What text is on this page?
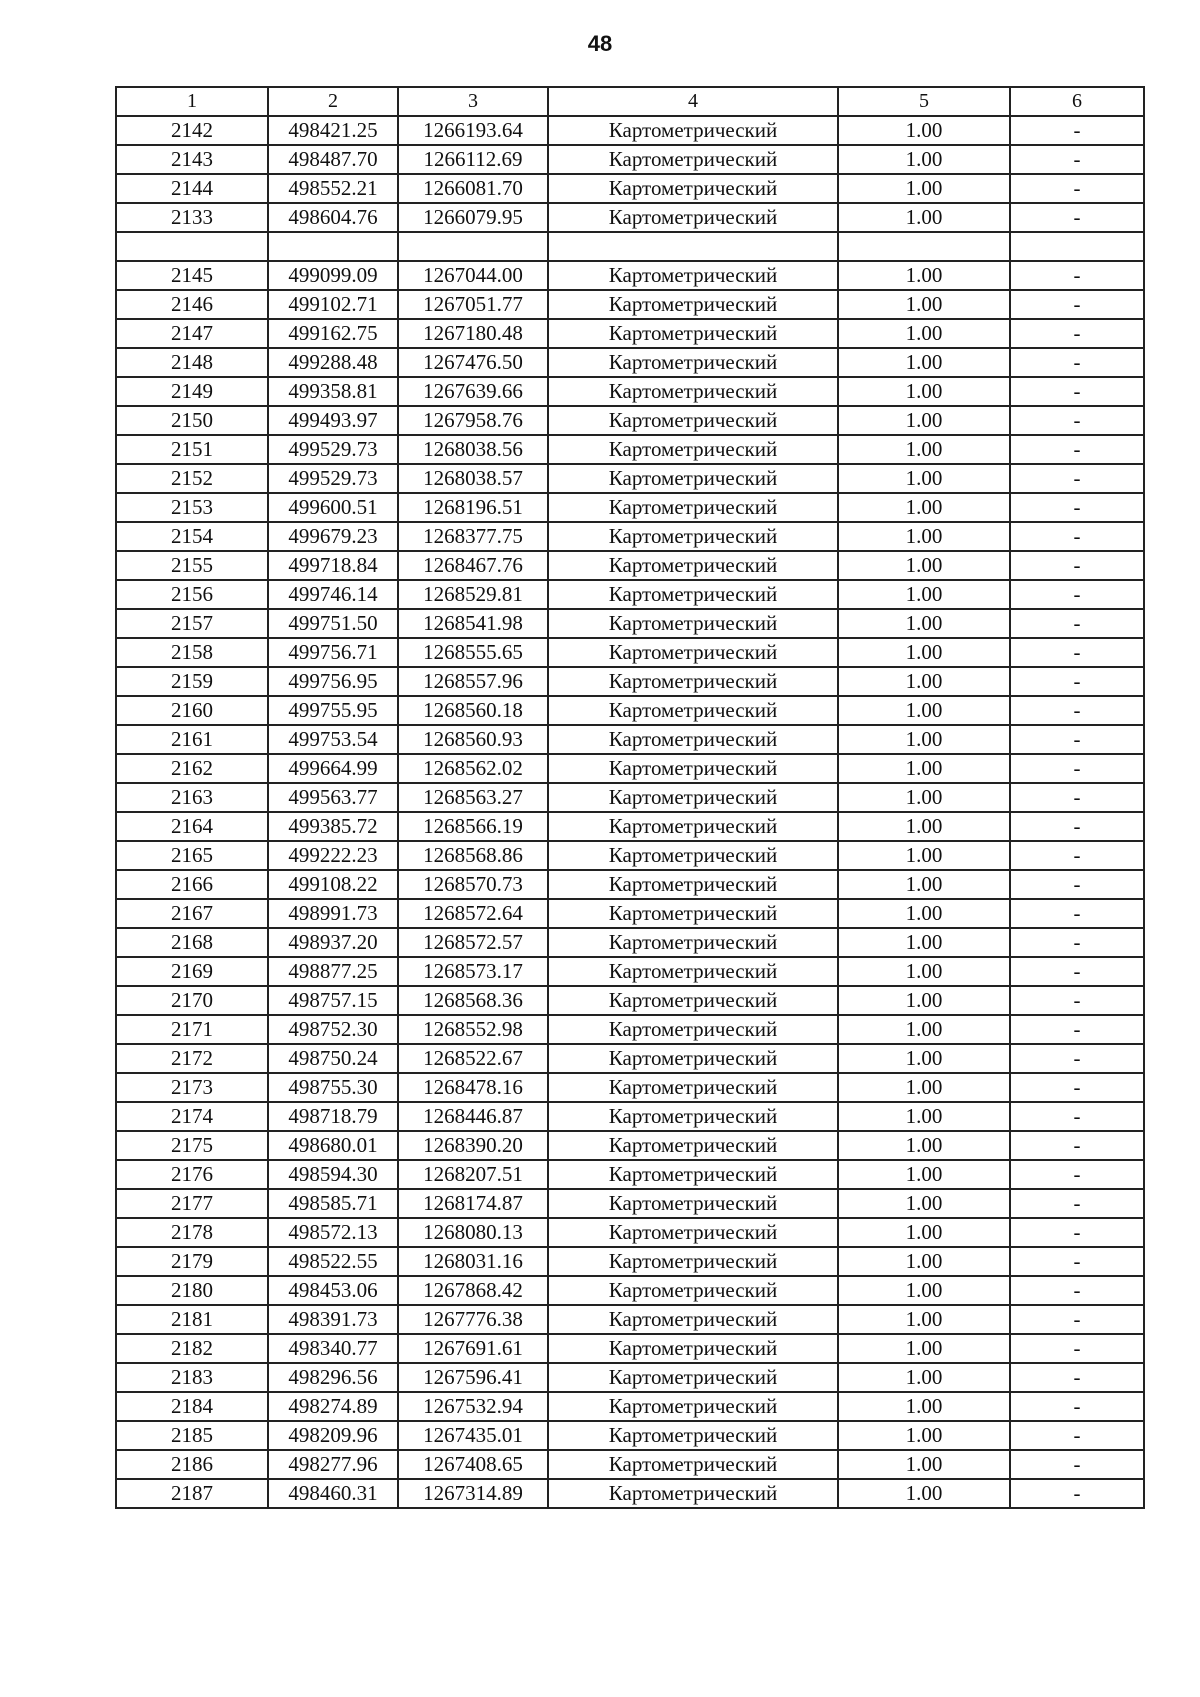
48
1	2	3	4	5	6
2142	498421.25	1266193.64	Картометрический	1.00	-
2143	498487.70	1266112.69	Картометрический	1.00	-
2144	498552.21	1266081.70	Картометрический	1.00	-
2133	498604.76	1266079.95	Картометрический	1.00	-

2145	499099.09	1267044.00	Картометрический	1.00	-
2146	499102.71	1267051.77	Картометрический	1.00	-
2147	499162.75	1267180.48	Картометрический	1.00	-
2148	499288.48	1267476.50	Картометрический	1.00	-
2149	499358.81	1267639.66	Картометрический	1.00	-
2150	499493.97	1267958.76	Картометрический	1.00	-
2151	499529.73	1268038.56	Картометрический	1.00	-
2152	499529.73	1268038.57	Картометрический	1.00	-
2153	499600.51	1268196.51	Картометрический	1.00	-
2154	499679.23	1268377.75	Картометрический	1.00	-
2155	499718.84	1268467.76	Картометрический	1.00	-
2156	499746.14	1268529.81	Картометрический	1.00	-
2157	499751.50	1268541.98	Картометрический	1.00	-
2158	499756.71	1268555.65	Картометрический	1.00	-
2159	499756.95	1268557.96	Картометрический	1.00	-
2160	499755.95	1268560.18	Картометрический	1.00	-
2161	499753.54	1268560.93	Картометрический	1.00	-
2162	499664.99	1268562.02	Картометрический	1.00	-
2163	499563.77	1268563.27	Картометрический	1.00	-
2164	499385.72	1268566.19	Картометрический	1.00	-
2165	499222.23	1268568.86	Картометрический	1.00	-
2166	499108.22	1268570.73	Картометрический	1.00	-
2167	498991.73	1268572.64	Картометрический	1.00	-
2168	498937.20	1268572.57	Картометрический	1.00	-
2169	498877.25	1268573.17	Картометрический	1.00	-
2170	498757.15	1268568.36	Картометрический	1.00	-
2171	498752.30	1268552.98	Картометрический	1.00	-
2172	498750.24	1268522.67	Картометрический	1.00	-
2173	498755.30	1268478.16	Картометрический	1.00	-
2174	498718.79	1268446.87	Картометрический	1.00	-
2175	498680.01	1268390.20	Картометрический	1.00	-
2176	498594.30	1268207.51	Картометрический	1.00	-
2177	498585.71	1268174.87	Картометрический	1.00	-
2178	498572.13	1268080.13	Картометрический	1.00	-
2179	498522.55	1268031.16	Картометрический	1.00	-
2180	498453.06	1267868.42	Картометрический	1.00	-
2181	498391.73	1267776.38	Картометрический	1.00	-
2182	498340.77	1267691.61	Картометрический	1.00	-
2183	498296.56	1267596.41	Картометрический	1.00	-
2184	498274.89	1267532.94	Картометрический	1.00	-
2185	498209.96	1267435.01	Картометрический	1.00	-
2186	498277.96	1267408.65	Картометрический	1.00	-
2187	498460.31	1267314.89	Картометрический	1.00	-
